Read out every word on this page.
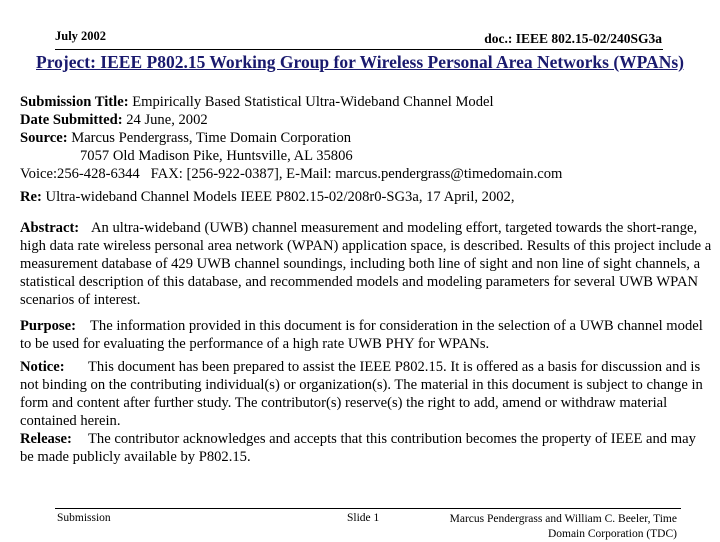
July 2002	doc.: IEEE 802.15-02/240SG3a
Project: IEEE P802.15 Working Group for Wireless Personal Area Networks (WPANs)

Submission Title: Empirically Based Statistical Ultra-Wideband Channel Model

Date Submitted: 24 June, 2002

Source: Marcus Pendergrass, Time Domain Corporation

7057 Old Madison Pike, Huntsville, AL 35806

Voice:256-428-6344   FAX: [256-922-0387], E-Mail: marcus.pendergrass@timedomain.com

Re: Ultra-wideband Channel Models IEEE P802.15-02/208r0-SG3a, 17 April, 2002,

Abstract: An ultra-wideband (UWB) channel measurement and modeling effort, targeted towards the short-range, high data rate wireless personal area network (WPAN) application space, is described. Results of this project include a measurement database of 429 UWB channel soundings, including both line of sight and non line of sight channels, a statistical description of this database, and recommended models and modeling parameters for several UWB WPAN scenarios of interest.

Purpose: The information provided in this document is for consideration in the selection of a UWB channel model to be used for evaluating the performance of a high rate UWB PHY for WPANs.

Notice: This document has been prepared to assist the IEEE P802.15. It is offered as a basis for discussion and is not binding on the contributing individual(s) or organization(s). The material in this document is subject to change in form and content after further study. The contributor(s) reserve(s) the right to add, amend or withdraw material contained herein.

Release: The contributor acknowledges and accepts that this contribution becomes the property of IEEE and may be made publicly available by P802.15.

Submission	Slide 1	Marcus Pendergrass and William C. Beeler, Time Domain Corporation (TDC)
